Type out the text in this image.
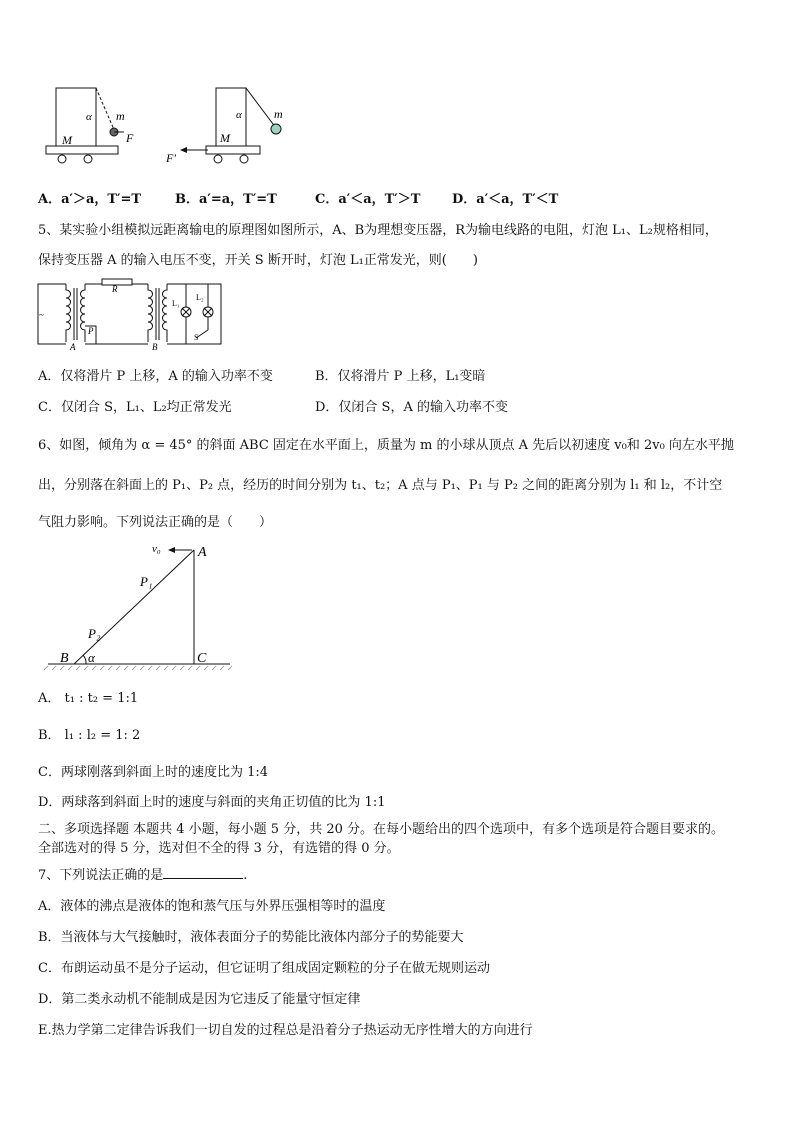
α m
M	F
α	m
M
F′
A．a′＞a，T′=T	B．a′=a，T′=T	C．a′＜a，T′＞T D．a′＜a，T′＜T
5、某实验小组模拟远距离输电的原理图如图所示，A、B为理想变压器，R为输电线路的电阻，灯泡 L₁、L₂规格相同，
保持变压器 A 的输入电压不变，开关 S 断开时，灯泡 L₁正常发光，则(　　)
~
R
P
A	B
L₁
L₂
S
A．仅将滑片 P 上移，A 的输入功率不变	B．仅将滑片 P 上移，L₁变暗
C．仅闭合 S，L₁、L₂均正常发光	D．仅闭合 S，A 的输入功率不变
6、如图，倾角为 α = 45° 的斜面 ABC 固定在水平面上，质量为 m 的小球从顶点 A 先后以初速度 v₀和 2v₀ 向左水平抛
出，分别落在斜面上的 P₁、P₂ 点，经历的时间分别为 t₁、t₂；A 点与 P₁、P₁ 与 P₂ 之间的距离分别为 l₁ 和 l₂，不计空
气阻力影响。下列说法正确的是（　　）
v₀	A
P₁
P₂
B α	C
A． t₁ : t₂ = 1:1
B． l₁ : l₂ = 1: 2
C．两球刚落到斜面上时的速度比为 1:4
D．两球落到斜面上时的速度与斜面的夹角正切值的比为 1:1
二、多项选择题 本题共 4 小题，每小题 5 分，共 20 分。在每小题给出的四个选项中，有多个选项是符合题目要求的。
全部选对的得 5 分，选对但不全的得 3 分，有选错的得 0 分。
7、下列说法正确的是	.
A．液体的沸点是液体的饱和蒸气压与外界压强相等时的温度
B．当液体与大气接触时，液体表面分子的势能比液体内部分子的势能要大
C．布朗运动虽不是分子运动，但它证明了组成固定颗粒的分子在做无规则运动
D．第二类永动机不能制成是因为它违反了能量守恒定律
E.热力学第二定律告诉我们一切自发的过程总是沿着分子热运动无序性增大的方向进行
